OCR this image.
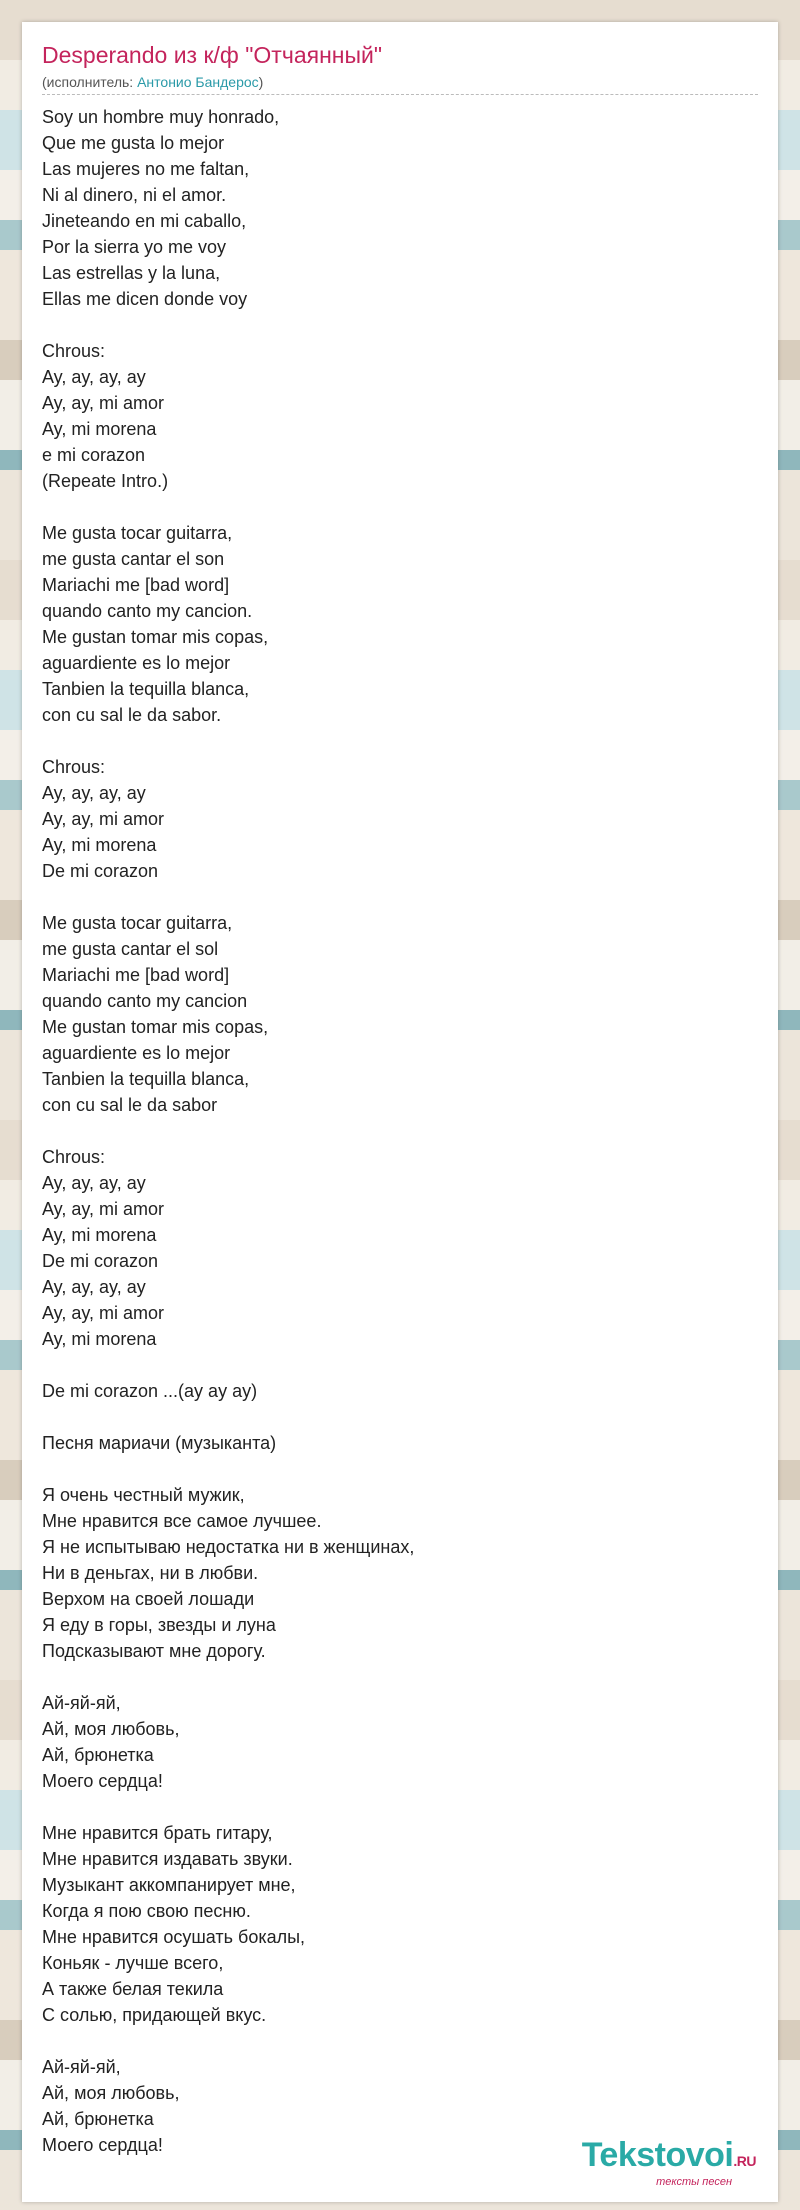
Desperando из к/ф "Отчаянный"
(исполнитель: Антонио Бандерос)
Soy un hombre muy honrado,
Que me gusta lo mejor
Las mujeres no me faltan,
Ni al dinero, ni el amor.
Jineteando en mi caballo,
Por la sierra yo me voy
Las estrellas y la luna,
Ellas me dicen donde voy
Chrous:
Ay, ay, ay, ay
Ay, ay, mi amor
Ay, mi morena
e mi corazon
(Repeate Intro.)
Me gusta tocar guitarra,
me gusta cantar el son
Mariachi me [bad word]
quando canto my cancion.
Me gustan tomar mis copas,
aguardiente es lo mejor
Tanbien la tequilla blanca,
con cu sal le da sabor.
Chrous:
Ay, ay, ay, ay
Ay, ay, mi amor
Ay, mi morena
De mi corazon
Me gusta tocar guitarra,
me gusta cantar el sol
Mariachi me [bad word]
quando canto my cancion
Me gustan tomar mis copas,
aguardiente es lo mejor
Tanbien la tequilla blanca,
con cu sal le da sabor
Chrous:
Ay, ay, ay, ay
Ay, ay, mi amor
Ay, mi morena
De mi corazon
Ay, ay, ay, ay
Ay, ay, mi amor
Ay, mi morena
De mi corazon ...(ay ay ay)
Песня мариачи (музыканта)
Я очень честный мужик,
Мне нравится все самое лучшее.
Я не испытываю недостатка ни в женщинах,
Ни в деньгах, ни в любви.
Верхом на своей лошади
Я еду в горы, звезды и луна
Подсказывают мне дорогу.
Ай-яй-яй,
Ай, моя любовь,
Ай, брюнетка
Моего сердца!
Мне нравится брать гитару,
Мне нравится издавать звуки.
Музыкант аккомпанирует мне,
Когда я пою свою песню.
Мне нравится осушать бокалы,
Коньяк - лучше всего,
А также белая текила
С солью, придающей вкус.
Ай-яй-яй,
Ай, моя любовь,
Ай, брюнетка
Моего сердца!	Tekstovoi.RU
тексты песен
